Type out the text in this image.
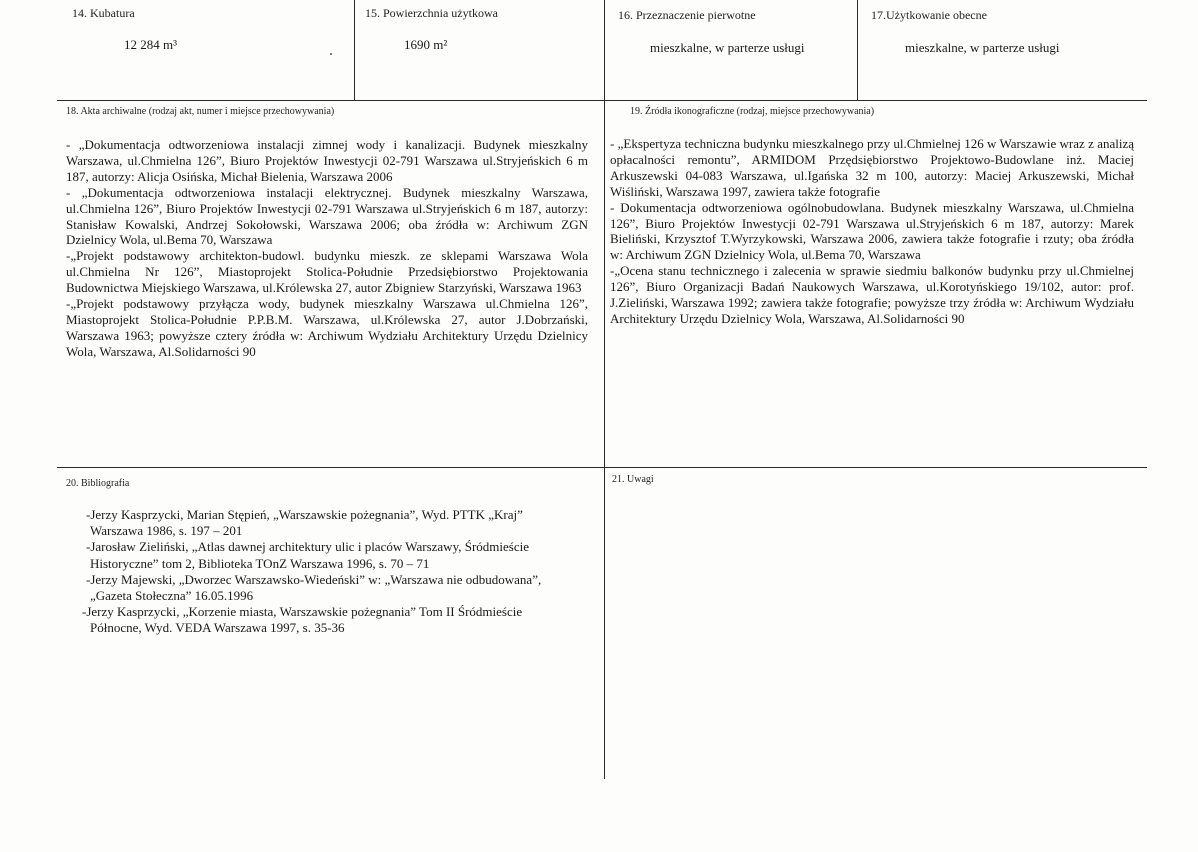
14. Kubatura
12 284 m³
15. Powierzchnia użytkowa
1690 m²
16. Przeznaczenie pierwotne
mieszkalne, w parterze usługi
17.Użytkowanie obecne
mieszkalne, w parterze usługi
18. Akta archiwalne (rodzaj akt, numer i miejsce przechowywania)

- „Dokumentacja odtworzeniowa instalacji zimnej wody i kanalizacji. Budynek mieszkalny Warszawa, ul.Chmielna 126”, Biuro Projektów Inwestycji 02-791 Warszawa ul.Stryjeńskich 6 m 187, autorzy: Alicja Osińska, Michał Bielenia, Warszawa 2006

- „Dokumentacja odtworzeniowa instalacji elektrycznej. Budynek mieszkalny Warszawa, ul.Chmielna 126”, Biuro Projektów Inwestycji 02-791 Warszawa ul.Stryjeńskich 6 m 187, autorzy: Stanisław Kowalski, Andrzej Sokołowski, Warszawa 2006; oba źródła w: Archiwum ZGN Dzielnicy Wola, ul.Bema 70, Warszawa

-„Projekt podstawowy architekton-budowl. budynku mieszk. ze sklepami Warszawa Wola ul.Chmielna Nr 126”, Miastoprojekt Stolica-Południe Przedsiębiorstwo Projektowania Budownictwa Miejskiego Warszawa, ul.Królewska 27, autor Zbigniew Starzyński, Warszawa 1963

-„Projekt podstawowy przyłącza wody, budynek mieszkalny Warszawa ul.Chmielna 126”, Miastoprojekt Stolica-Południe P.P.B.M. Warszawa, ul.Królewska 27, autor J.Dobrzański, Warszawa 1963; powyższe cztery źródła w: Archiwum Wydziału Architektury Urzędu Dzielnicy Wola, Warszawa, Al.Solidarności 90

19. Źródła ikonograficzne (rodzaj, miejsce przechowywania)

- „Ekspertyza techniczna budynku mieszkalnego przy ul.Chmielnej 126 w Warszawie wraz z analizą opłacalności remontu”, ARMIDOM Przędsiębiorstwo Projektowo-Budowlane inż. Maciej Arkuszewski 04-083 Warszawa, ul.Igańska 32 m 100, autorzy: Maciej Arkuszewski, Michał Wiśliński, Warszawa 1997, zawiera także fotografie

- Dokumentacja odtworzeniowa ogólnobudowlana. Budynek mieszkalny Warszawa, ul.Chmielna 126”, Biuro Projektów Inwestycji 02-791 Warszawa ul.Stryjeńskich 6 m 187, autorzy: Marek Bieliński, Krzysztof T.Wyrzykowski, Warszawa 2006, zawiera także fotografie i rzuty; oba źródła w: Archiwum ZGN Dzielnicy Wola, ul.Bema 70, Warszawa

-„Ocena stanu technicznego i zalecenia w sprawie siedmiu balkonów budynku przy ul.Chmielnej 126”, Biuro Organizacji Badań Naukowych Warszawa, ul.Korotyńskiego 19/102, autor: prof. J.Zieliński, Warszawa 1992; zawiera także fotografie; powyższe trzy źródła w: Archiwum Wydziału Architektury Urzędu Dzielnicy Wola, Warszawa, Al.Solidarności 90

20. Bibliografia

-Jerzy Kasprzycki, Marian Stępień, „Warszawskie pożegnania”, Wyd. PTTK „Kraj”

Warszawa 1986, s. 197 – 201

-Jarosław Zieliński, „Atlas dawnej architektury ulic i placów Warszawy, Śródmieście

Historyczne” tom 2, Biblioteka TOnZ Warszawa 1996, s. 70 – 71

-Jerzy Majewski, „Dworzec Warszawsko-Wiedeński” w: „Warszawa nie odbudowana”,

„Gazeta Stołeczna” 16.05.1996

-Jerzy Kasprzycki, „Korzenie miasta, Warszawskie pożegnania” Tom II Śródmieście

Północne, Wyd. VEDA Warszawa 1997, s. 35-36

21. Uwagi
